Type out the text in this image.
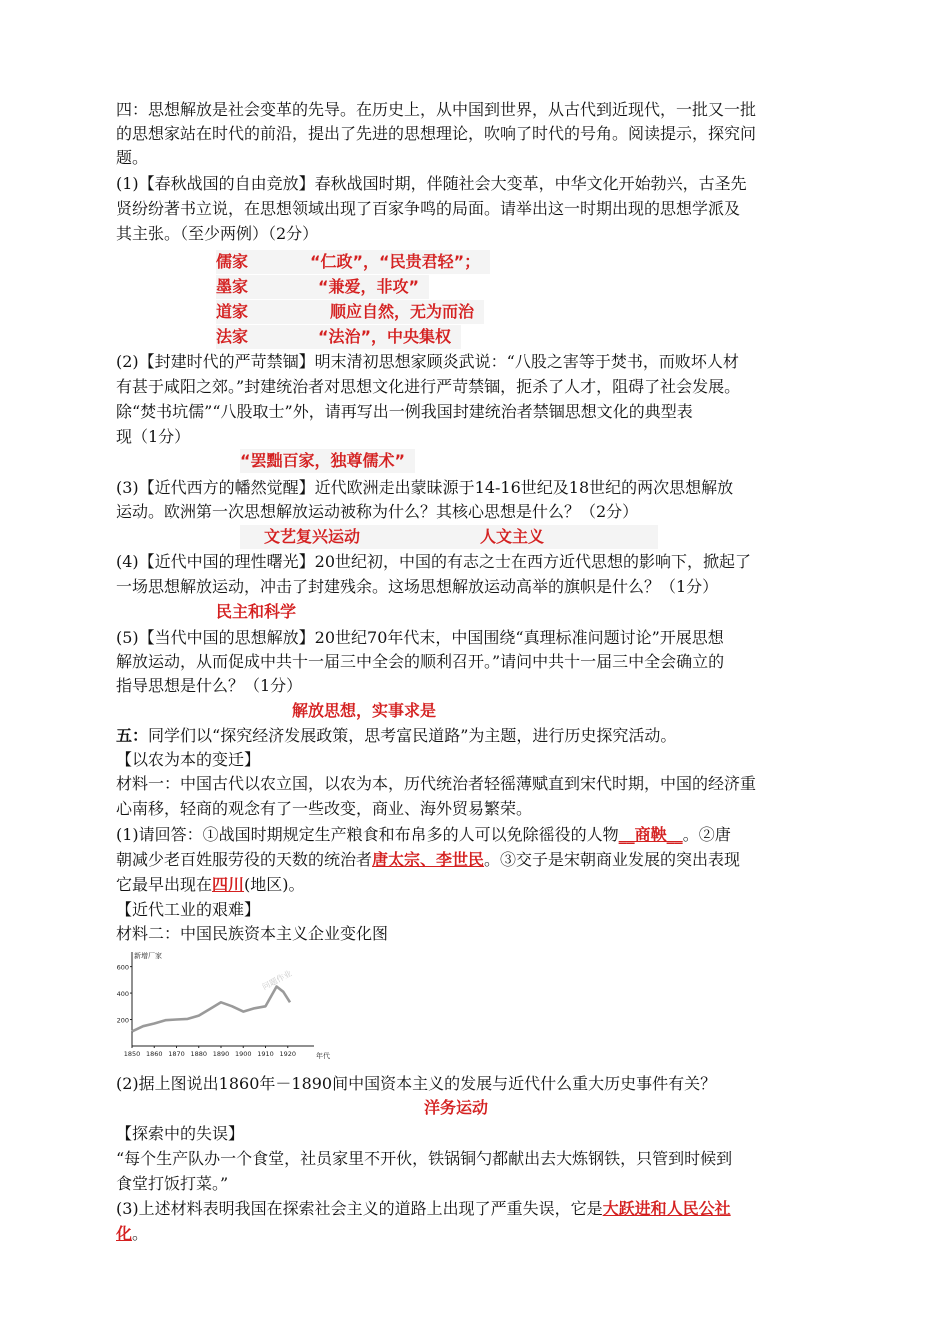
四：思想解放是社会变革的先导。在历史上，从中国到世界，从古代到近现代，一批又一批
的思想家站在时代的前沿，提出了先进的思想理论，吹响了时代的号角。阅读提示，探究问
题。
(1)【春秋战国的自由竞放】春秋战国时期，伴随社会大变革，中华文化开始勃兴，古圣先
贤纷纷著书立说，在思想领域出现了百家争鸣的局面。请举出这一时期出现的思想学派及
其主张。（至少两例）（2分）
儒家	“仁政”，“民贵君轻”；
墨家	“兼爱，非攻”
道家	顺应自然，无为而治
法家	“法治”，中央集权
(2)【封建时代的严苛禁锢】明末清初思想家顾炎武说：“八股之害等于焚书，而败坏人材
有甚于咸阳之郊。”封建统治者对思想文化进行严苛禁锢，扼杀了人才，阻碍了社会发展。
除“焚书坑儒”“八股取士”外，请再写出一例我国封建统治者禁锢思想文化的典型表
现（1分）
“罢黜百家，独尊儒术”
(3)【近代西方的幡然觉醒】近代欧洲走出蒙昧源于14-16世纪及18世纪的两次思想解放
运动。欧洲第一次思想解放运动被称为什么？其核心思想是什么？（2分）
文艺复兴运动	人文主义
(4)【近代中国的理性曙光】20世纪初，中国的有志之士在西方近代思想的影响下，掀起了
一场思想解放运动，冲击了封建残余。这场思想解放运动高举的旗帜是什么？（1分）
民主和科学
(5)【当代中国的思想解放】20世纪70年代末，中国围绕“真理标准问题讨论”开展思想
解放运动，从而促成中共十一届三中全会的顺利召开。”请问中共十一届三中全会确立的
指导思想是什么？（1分）
解放思想，实事求是
五：同学们以“探究经济发展政策，思考富民道路”为主题，进行历史探究活动。
【以农为本的变迁】
材料一：中国古代以农立国，以农为本，历代统治者轻徭薄赋直到宋代时期，中国的经济重
心南移，轻商的观念有了一些改变，商业、海外贸易繁荣。
(1)请回答：①战国时期规定生产粮食和布帛多的人可以免除徭役的人物__商鞅__。②唐
朝减少老百姓服劳役的天数的统治者唐太宗、李世民。③交子是宋朝商业发展的突出表现
它最早出现在四川(地区)。
【近代工业的艰难】
材料二：中国民族资本主义企业变化图
200
400
600
1850 1860 1870 1880 1890 1900 1910 1920
新增厂家
年代
问题作业
(2)据上图说出1860年－1890间中国资本主义的发展与近代什么重大历史事件有关？
洋务运动
【探索中的失误】
“每个生产队办一个食堂，社员家里不开伙，铁锅铜勺都献出去大炼钢铁，只管到时候到
食堂打饭打菜。”
(3)上述材料表明我国在探索社会主义的道路上出现了严重失误，它是大跃进和人民公社
化。
